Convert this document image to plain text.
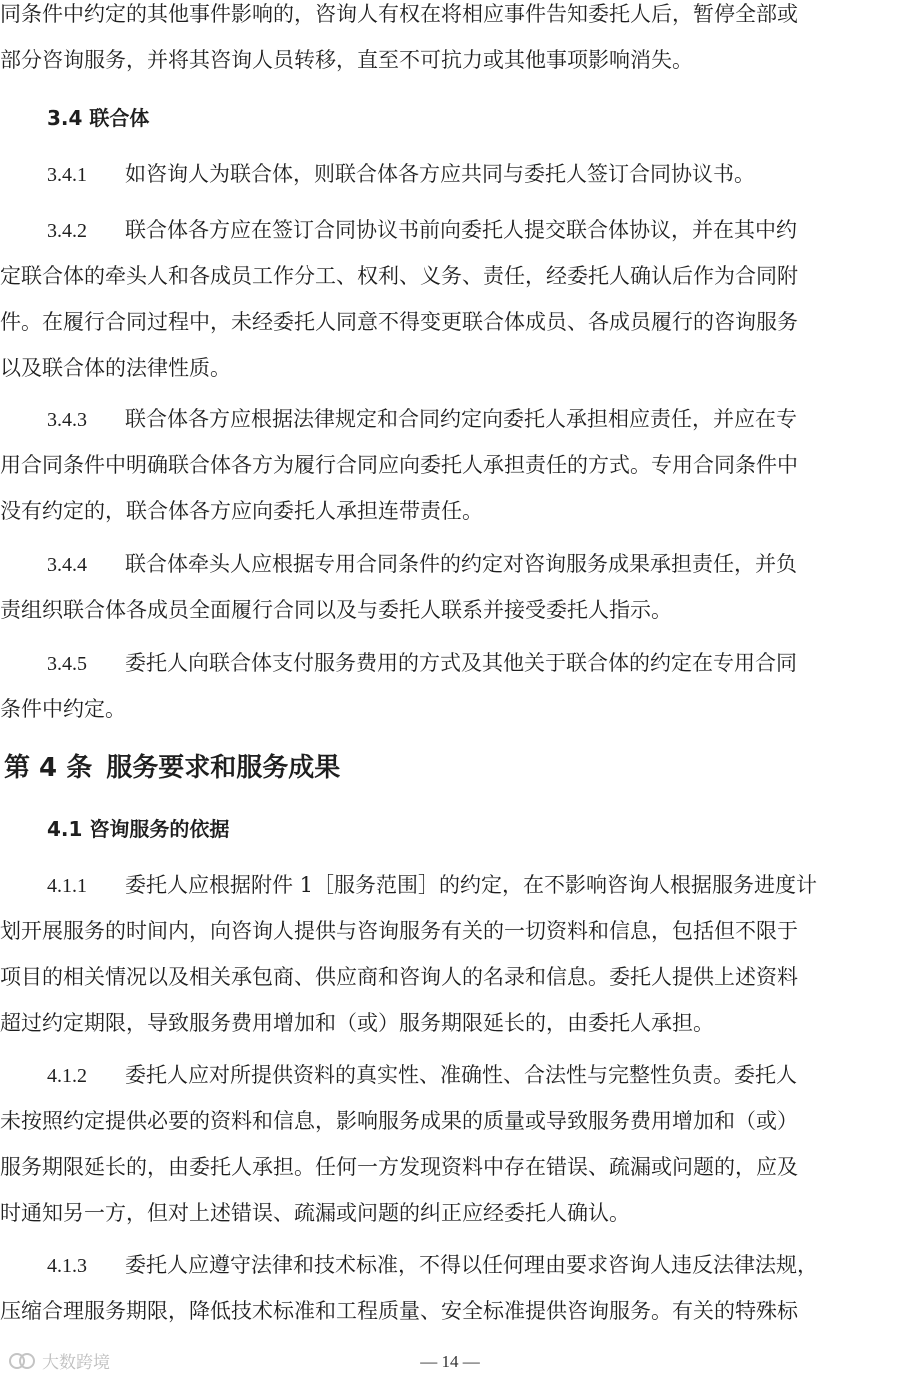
同条件中约定的其他事件影响的，咨询人有权在将相应事件告知委托人后，暂停全部或
部分咨询服务，并将其咨询人员转移，直至不可抗力或其他事项影响消失。
3.4 联合体
3.4.1 如咨询人为联合体，则联合体各方应共同与委托人签订合同协议书。
3.4.2 联合体各方应在签订合同协议书前向委托人提交联合体协议，并在其中约
定联合体的牵头人和各成员工作分工、权利、义务、责任，经委托人确认后作为合同附
件。在履行合同过程中，未经委托人同意不得变更联合体成员、各成员履行的咨询服务
以及联合体的法律性质。
3.4.3 联合体各方应根据法律规定和合同约定向委托人承担相应责任，并应在专
用合同条件中明确联合体各方为履行合同应向委托人承担责任的方式。专用合同条件中
没有约定的，联合体各方应向委托人承担连带责任。
3.4.4 联合体牵头人应根据专用合同条件的约定对咨询服务成果承担责任，并负
责组织联合体各成员全面履行合同以及与委托人联系并接受委托人指示。
3.4.5 委托人向联合体支付服务费用的方式及其他关于联合体的约定在专用合同
条件中约定。
第 4 条 服务要求和服务成果
4.1 咨询服务的依据
4.1.1 委托人应根据附件 1［服务范围］的约定，在不影响咨询人根据服务进度计
划开展服务的时间内，向咨询人提供与咨询服务有关的一切资料和信息，包括但不限于
项目的相关情况以及相关承包商、供应商和咨询人的名录和信息。委托人提供上述资料
超过约定期限，导致服务费用增加和（或）服务期限延长的，由委托人承担。
4.1.2 委托人应对所提供资料的真实性、准确性、合法性与完整性负责。委托人
未按照约定提供必要的资料和信息，影响服务成果的质量或导致服务费用增加和（或）
服务期限延长的，由委托人承担。任何一方发现资料中存在错误、疏漏或问题的，应及
时通知另一方，但对上述错误、疏漏或问题的纠正应经委托人确认。
4.1.3 委托人应遵守法律和技术标准，不得以任何理由要求咨询人违反法律法规，
压缩合理服务期限，降低技术标准和工程质量、安全标准提供咨询服务。有关的特殊标
— 14 —
大数跨境
